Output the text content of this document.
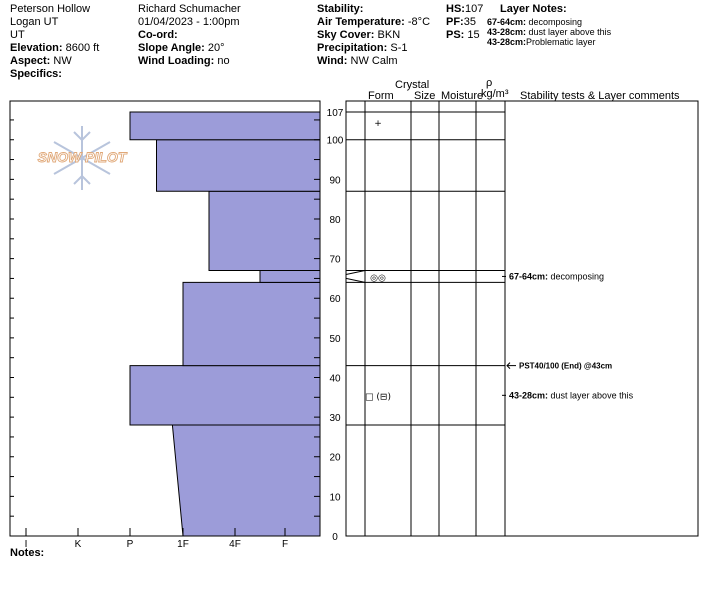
Peterson Hollow
Logan UT
UT
Elevation: 8600 ft
Aspect: NW
Specifics:
Richard Schumacher
01/04/2023 - 1:00pm
Co-ord:
Slope Angle: 20°
Wind Loading: no
Stability:
Air Temperature: -8°C
Sky Cover: BKN
Precipitation: S-1
Wind: NW Calm
HS:107
PF:35
PS: 15
Layer Notes:
67-64cm: decomposing
43-28cm: dust layer above this
43-28cm:Problematic layer
Crystal	ρ
Form Size Moisture
kg/m³ Stability tests & Layer comments
Notes:
SNOW PILOT
0
10
20
30
40
50
60
70
80
90
100
107
I	K	P	1F	4F	F
+
◎◎
□ (⊟)
67-64cm: decomposing
43-28cm: dust layer above this
PST40/100 (End) @43cm
